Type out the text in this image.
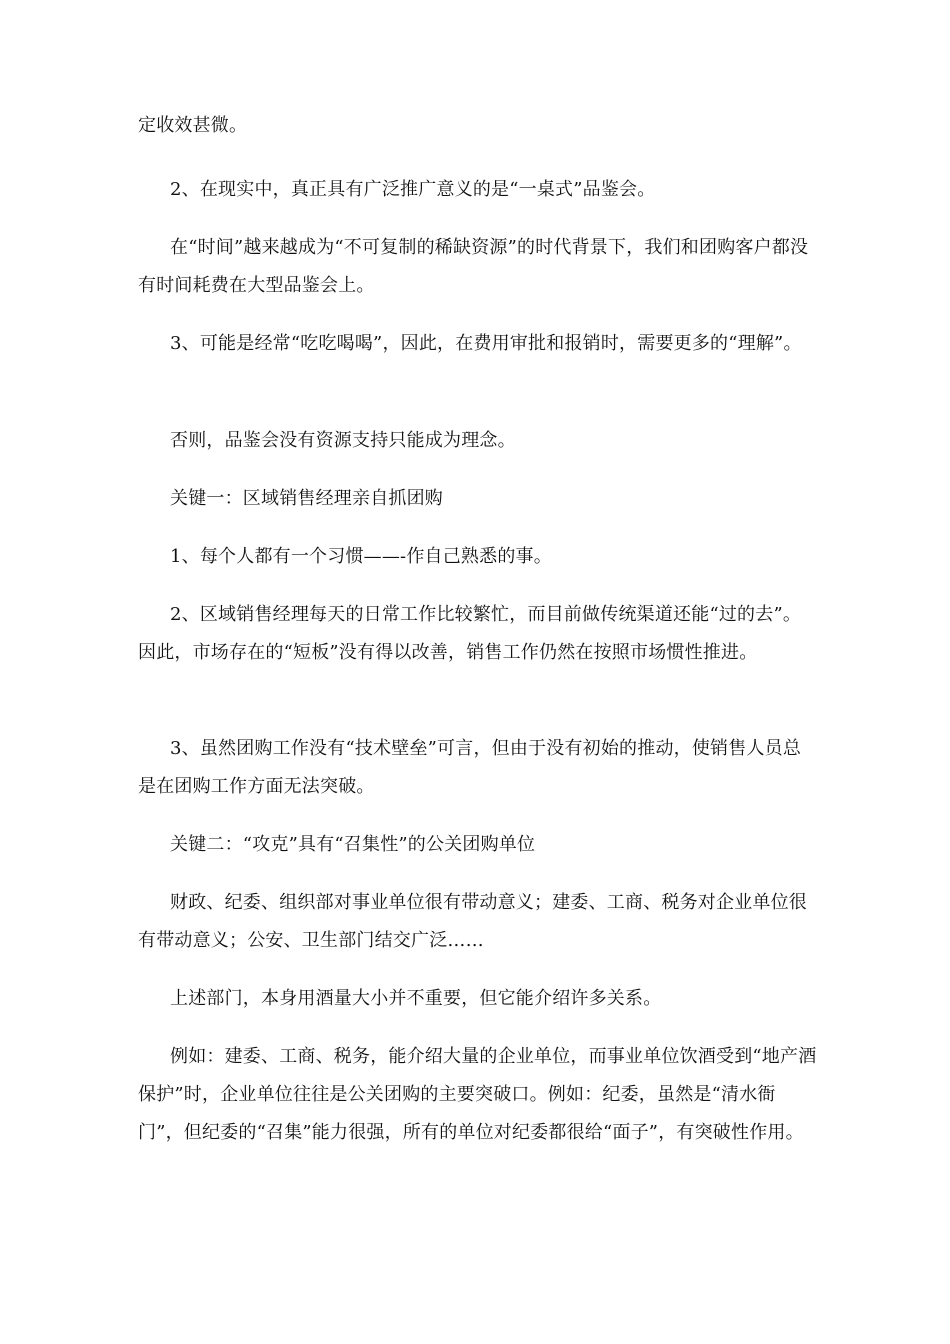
定收效甚微。

2、在现实中，真正具有广泛推广意义的是“一桌式”品鉴会。

在“时间”越来越成为“不可复制的稀缺资源”的时代背景下，我们和团购客户都没有时间耗费在大型品鉴会上。

3、可能是经常“吃吃喝喝”，因此，在费用审批和报销时，需要更多的“理解”。

否则，品鉴会没有资源支持只能成为理念。

关键一：区域销售经理亲自抓团购

1、每个人都有一个习惯——-作自己熟悉的事。

2、区域销售经理每天的日常工作比较繁忙，而目前做传统渠道还能“过的去”。因此，市场存在的“短板”没有得以改善，销售工作仍然在按照市场惯性推进。

3、虽然团购工作没有“技术壁垒”可言，但由于没有初始的推动，使销售人员总是在团购工作方面无法突破。

关键二：“攻克”具有“召集性”的公关团购单位

财政、纪委、组织部对事业单位很有带动意义；建委、工商、税务对企业单位很有带动意义；公安、卫生部门结交广泛……

上述部门，本身用酒量大小并不重要，但它能介绍许多关系。

例如：建委、工商、税务，能介绍大量的企业单位，而事业单位饮酒受到“地产酒保护”时，企业单位往往是公关团购的主要突破口。例如：纪委，虽然是“清水衙门”，但纪委的“召集”能力很强，所有的单位对纪委都很给“面子”，有突破性作用。
